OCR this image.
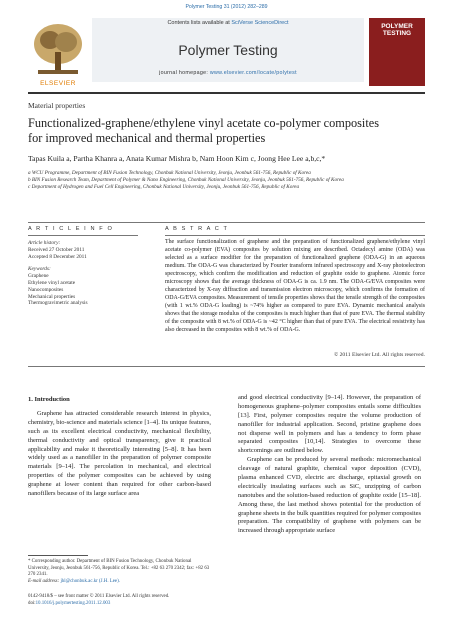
Polymer Testing 31 (2012) 282–289
ELSEVIER
Contents lists available at SciVerse ScienceDirect
Polymer Testing
journal homepage: www.elsevier.com/locate/polytest
POLYMER TESTING
Material properties
Functionalized-graphene/ethylene vinyl acetate co-polymer composites
for improved mechanical and thermal properties
Tapas Kuila a, Partha Khanra a, Anata Kumar Mishra b, Nam Hoon Kim c, Joong Hee Lee a,b,c,*
a WCU Programme, Department of BIN Fusion Technology, Chonbuk National University, Jeonju, Jeonbuk 561-756, Republic of Korea
b BIN Fusion Research Team, Department of Polymer & Nano Engineering, Chonbuk National University, Jeonju, Jeonbuk 561-756, Republic of Korea
c Department of Hydrogen and Fuel Cell Engineering, Chonbuk National University, Jeonju, Jeonbuk 561-756, Republic of Korea
A R T I C L E I N F O	A B S T R A C T
Article history:
Received 27 October 2011
Accepted 8 December 2011
Keywords:
Graphene
Ethylene vinyl acetate
Nanocomposites
Mechanical properties
Thermogravimetric analysis
The surface functionalization of graphene and the preparation of functionalized graphene/ethylene vinyl acetate co-polymer (EVA) composites by solution mixing are described. Octadecyl amine (ODA) was selected as a surface modifier for the preparation of functionalized graphene (ODA-G) in an aqueous medium. The ODA-G was characterized by Fourier transform infrared spectroscopy and X-ray photoelectron spectroscopy, which confirm the modification and reduction of graphite oxide to graphene. Atomic force microscopy shows that the average thickness of ODA-G is ca. 1.9 nm. The ODA-G/EVA composites were characterized by X-ray diffraction and transmission electron microscopy, which confirms the formation of ODA-G/EVA composites. Measurement of tensile properties shows that the tensile strength of the composites (with 1 wt.% ODA-G loading) is ~74% higher as compared to pure EVA. Dynamic mechanical analysis shows that the storage modulus of the composites is much higher than that of pure EVA. The thermal stability of the composite with 8 wt.% of ODA-G is ~42 °C higher than that of pure EVA. The electrical resistivity has also decreased in the composites with 8 wt.% of ODA-G.
© 2011 Elsevier Ltd. All rights reserved.
1. Introduction

Graphene has attracted considerable research interest in physics, chemistry, bio-science and materials science [1–4]. Its unique features, such as its excellent electrical conductivity, mechanical flexibility, thermal conductivity and optical transparency, give it practical applicability and make it theoretically interesting [5–8]. It has been widely used as a nanofiller in the preparation of polymer composite materials [9–14]. The percolation in mechanical, and electrical properties of the polymer composites can be achieved by using graphene at lower content than required for other carbon-based nanofillers because of its large surface area

and good electrical conductivity [9–14]. However, the preparation of homogeneous graphene–polymer composites entails some difficulties [13]. First, polymer composites require the volume production of nanofiller for industrial application. Second, pristine graphene does not disperse well in polymers and has a tendency to form phase separated composites [10,14]. Strategies to overcome these shortcomings are outlined below.

Graphene can be produced by several methods: micromechanical cleavage of natural graphite, chemical vapor deposition (CVD), plasma enhanced CVD, electric arc discharge, epitaxial growth on electrically insulating surfaces such as SiC, unzipping of carbon nanotubes and the solution-based reduction of graphite oxide [15–18]. Among these, the last method shows potential for the production of graphene sheets in the bulk quantities required for polymer composites preparation. The compatibility of graphene with polymers can be increased through appropriate surface

* Corresponding author. Department of BIN Fusion Technology, Chonbuk National University, Jeonju, Jeonbuk 561-756, Republic of Korea. Tel.: +82 63 270 2342; fax: +82 63 270 2341.
E-mail address: jhl@chonbuk.ac.kr (J.H. Lee).
0142-9418/$ – see front matter © 2011 Elsevier Ltd. All rights reserved.
doi:10.1016/j.polymertesting.2011.12.003
